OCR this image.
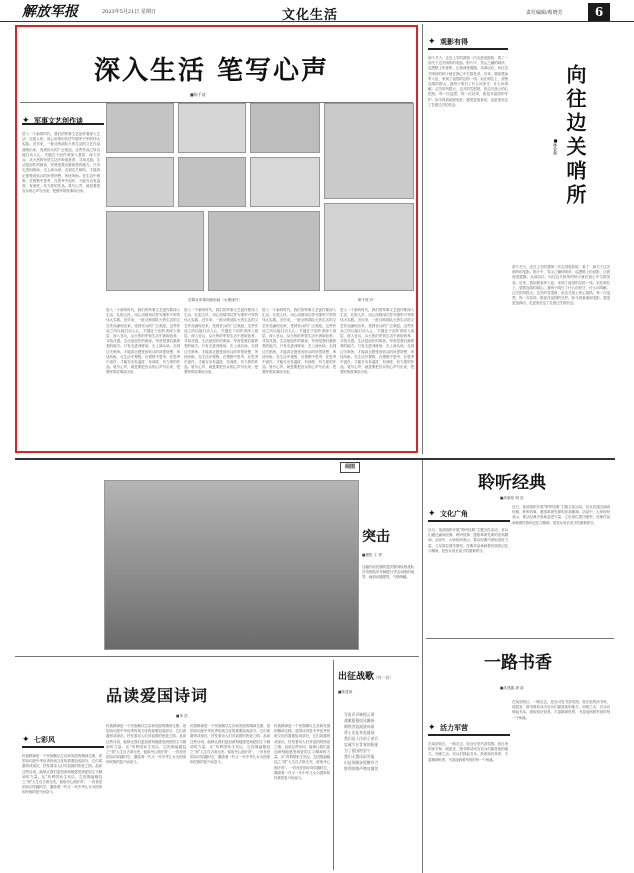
解放军报	2023年5月21日 星期日	文化生活	责任编辑/蔡晓芳	6
深入生活 笔写心声
■陈千波
✦ 军事文艺创作谈
进入一个新的时代，我们的军事文艺创作要深入生活、扎根人民，用心用情用功抒写强军兴军的伟大实践。近年来，一批反映部队火热生活的文艺作品涌现出来，受到官兵的广泛欢迎。这些作品之所以能打动人心，关键在于创作者深入基层、深入官兵，从火热的军营生活中汲取营养、寻找灵感。生活是创作的源泉，军营是我们最熟悉的地方。只有走进训练场、走上演兵场、走到边关哨所，才能真正感受到官兵的所思所想、所忧所盼。在生活中观察，在观察中思考，在思考中创作，才能写出有温度、有深度、有力度的作品。笔写心声，就是要把官兵的心声写出来，把强军的故事讲出来。
空降兵军事训练组画（水墨速写）	陈千波 作
进入一个新的时代，我们的军事文艺创作要深入生活、扎根人民，用心用情用功抒写强军兴军的伟大实践。近年来，一批反映部队火热生活的文艺作品涌现出来，受到官兵的广泛欢迎。这些作品之所以能打动人心，关键在于创作者深入基层、深入官兵，从火热的军营生活中汲取营养、寻找灵感。生活是创作的源泉，军营是我们最熟悉的地方。只有走进训练场、走上演兵场、走到边关哨所，才能真正感受到官兵的所思所想、所忧所盼。在生活中观察，在观察中思考，在思考中创作，才能写出有温度、有深度、有力度的作品。笔写心声，就是要把官兵的心声写出来，把强军的故事讲出来。
进入一个新的时代，我们的军事文艺创作要深入生活、扎根人民，用心用情用功抒写强军兴军的伟大实践。近年来，一批反映部队火热生活的文艺作品涌现出来，受到官兵的广泛欢迎。这些作品之所以能打动人心，关键在于创作者深入基层、深入官兵，从火热的军营生活中汲取营养、寻找灵感。生活是创作的源泉，军营是我们最熟悉的地方。只有走进训练场、走上演兵场、走到边关哨所，才能真正感受到官兵的所思所想、所忧所盼。在生活中观察，在观察中思考，在思考中创作，才能写出有温度、有深度、有力度的作品。笔写心声，就是要把官兵的心声写出来，把强军的故事讲出来。
进入一个新的时代，我们的军事文艺创作要深入生活、扎根人民，用心用情用功抒写强军兴军的伟大实践。近年来，一批反映部队火热生活的文艺作品涌现出来，受到官兵的广泛欢迎。这些作品之所以能打动人心，关键在于创作者深入基层、深入官兵，从火热的军营生活中汲取营养、寻找灵感。生活是创作的源泉，军营是我们最熟悉的地方。只有走进训练场、走上演兵场、走到边关哨所，才能真正感受到官兵的所思所想、所忧所盼。在生活中观察，在观察中思考，在思考中创作，才能写出有温度、有深度、有力度的作品。笔写心声，就是要把官兵的心声写出来，把强军的故事讲出来。
进入一个新的时代，我们的军事文艺创作要深入生活、扎根人民，用心用情用功抒写强军兴军的伟大实践。近年来，一批反映部队火热生活的文艺作品涌现出来，受到官兵的广泛欢迎。这些作品之所以能打动人心，关键在于创作者深入基层、深入官兵，从火热的军营生活中汲取营养、寻找灵感。生活是创作的源泉，军营是我们最熟悉的地方。只有走进训练场、走上演兵场、走到边关哨所，才能真正感受到官兵的所思所想、所忧所盼。在生活中观察，在观察中思考，在思考中创作，才能写出有温度、有深度、有力度的作品。笔写心声，就是要把官兵的心声写出来，把强军的故事讲出来。
✦ 观影有得
那个冬天，还在上学的我第一次走进电影院，看了一部关于边关哨所的电影。影片中，雪山之巅的哨所，巡逻路上的身影，让我深受震撼。从那以后，向往边关哨所的种子就在我心中生根发芽。后来，我如愿参军入伍，来到了祖国的边防一线。站在哨位上，望着连绵的群山，我终于明白了什么叫坚守、什么叫奉献。边关的风很大，边关的雪很厚，但边关战士的心很热。每一次巡逻，每一次站岗，都是对祖国的守护。如今再看那部电影，感受更加真切，也更加坚定了扎根边关的信念。	向往边关哨所
■林金强
那个冬天，还在上学的我第一次走进电影院，看了一部关于边关哨所的电影。影片中，雪山之巅的哨所，巡逻路上的身影，让我深受震撼。从那以后，向往边关哨所的种子就在我心中生根发芽。后来，我如愿参军入伍，来到了祖国的边防一线。站在哨位上，望着连绵的群山，我终于明白了什么叫坚守、什么叫奉献。边关的风很大，边关的雪很厚，但边关战士的心很热。每一次巡逻，每一次站岗，都是对祖国的守护。如今再看那部电影，感受更加真切，也更加坚定了扎根边关的信念。
阅图
突击
■摄影 王 婷
这幅作品拍摄的是武警部队特战队员驾驶装甲车辆进行突击训练的场景，画面动感强烈，气势磅礴。
聆听经典
■高晓星 明 浩
✦ 文化广角
近日，某部组织开展“聆听经典”主题文化活动，官兵们通过诵读经典、聆听故事，感悟革命先辈的崇高精神。活动中，大家纷纷表示，要从经典中汲取奋进力量，立足岗位建功强军。经典作品承载着民族的记忆与精神，是官兵成长成才的重要养分。
近日，某部组织开展“聆听经典”主题文化活动，官兵们通过诵读经典、聆听故事，感悟革命先辈的崇高精神。活动中，大家纷纷表示，要从经典中汲取奋进力量，立足岗位建功强军。经典作品承载着民族的记忆与精神，是官兵成长成才的重要养分。
一路书香
■高建鑫 龚 斌
✦ 活力军营
在某部营区，一路走去，处处可见书香氛围。营区里的读书角、阅览室、图书驿站成为官兵们最喜欢的地方。训练之余，官兵们捧起书本，汲取知识营养，丰富精神世界，书香浸润着军营的每一个角落。
在某部营区，一路走去，处处可见书香氛围。营区里的读书角、阅览室、图书驿站成为官兵们最喜欢的地方。训练之余，官兵们捧起书本，汲取知识营养，丰富精神世界，书香浸润着军营的每一个角落。
品读爱国诗词
■李 浩
✦ 七彩风
民族精神是一个民族赖以生存和发展的精神支撑。爱国诗词是中华优秀传统文化的重要组成部分，它们或激昂或深沉，抒发着诗人们对祖国的热爱之情。品读这些诗词，能够让我们更加深刻地感受到爱国主义精神的力量。从“苟利国家生死以，岂因祸福避趋之”到“人生自古谁无死，留取丹心照汗青”，一首首爱国诗词穿越时空，激励着一代又一代中华儿女为国家和民族的复兴而奋斗。
民族精神是一个民族赖以生存和发展的精神支撑。爱国诗词是中华优秀传统文化的重要组成部分，它们或激昂或深沉，抒发着诗人们对祖国的热爱之情。品读这些诗词，能够让我们更加深刻地感受到爱国主义精神的力量。从“苟利国家生死以，岂因祸福避趋之”到“人生自古谁无死，留取丹心照汗青”，一首首爱国诗词穿越时空，激励着一代又一代中华儿女为国家和民族的复兴而奋斗。
民族精神是一个民族赖以生存和发展的精神支撑。爱国诗词是中华优秀传统文化的重要组成部分，它们或激昂或深沉，抒发着诗人们对祖国的热爱之情。品读这些诗词，能够让我们更加深刻地感受到爱国主义精神的力量。从“苟利国家生死以，岂因祸福避趋之”到“人生自古谁无死，留取丹心照汗青”，一首首爱国诗词穿越时空，激励着一代又一代中华儿女为国家和民族的复兴而奋斗。
民族精神是一个民族赖以生存和发展的精神支撑。爱国诗词是中华优秀传统文化的重要组成部分，它们或激昂或深沉，抒发着诗人们对祖国的热爱之情。品读这些诗词，能够让我们更加深刻地感受到爱国主义精神的力量。从“苟利国家生死以，岂因祸福避趋之”到“人生自古谁无死，留取丹心照汗青”，一首首爱国诗词穿越时空，激励着一代又一代中华儿女为国家和民族的复兴而奋斗。
出征战歌（外一首）
■陈建斌
号角声声响彻云霄
战旗猎猎迎风飘扬
钢铁洪流滚滚向前
勇士出征奔赴战场
我们是人民的子弟兵
忠诚写在青春的脸庞
为了祖国的安宁
我们无惧风雨雪霜
出征的脚步铿锵有力
胜利的歌声嘹亮激昂
